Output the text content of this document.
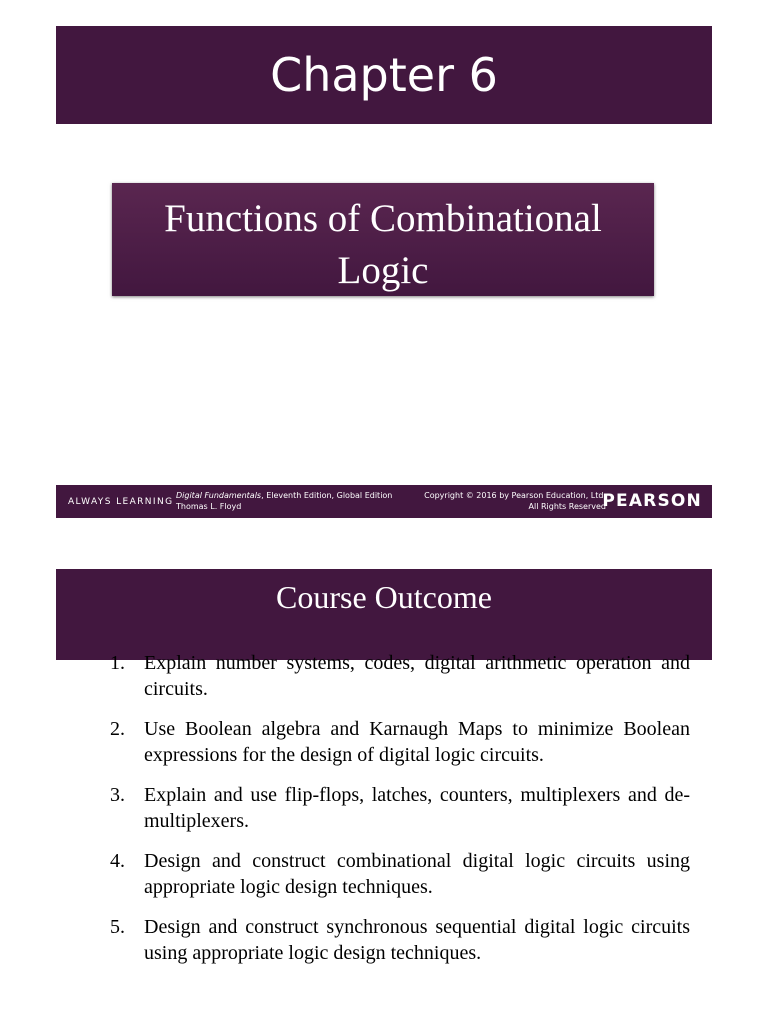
Chapter 6
Functions of Combinational
Logic
ALWAYS LEARNING
Digital Fundamentals, Eleventh Edition, Global Edition
Thomas L. Floyd
Copyright © 2016 by Pearson Education, Ltd.
All Rights Reserved
PEARSON
Course Outcome
1. Explain number systems, codes, digital arithmetic operation and circuits.
2. Use Boolean algebra and Karnaugh Maps to minimize Boolean expressions for the design of digital logic circuits.
3. Explain and use flip-flops, latches, counters, multiplexers and de-multiplexers.
4. Design and construct combinational digital logic circuits using appropriate logic design techniques.
5. Design and construct synchronous sequential digital logic circuits using appropriate logic design techniques.
